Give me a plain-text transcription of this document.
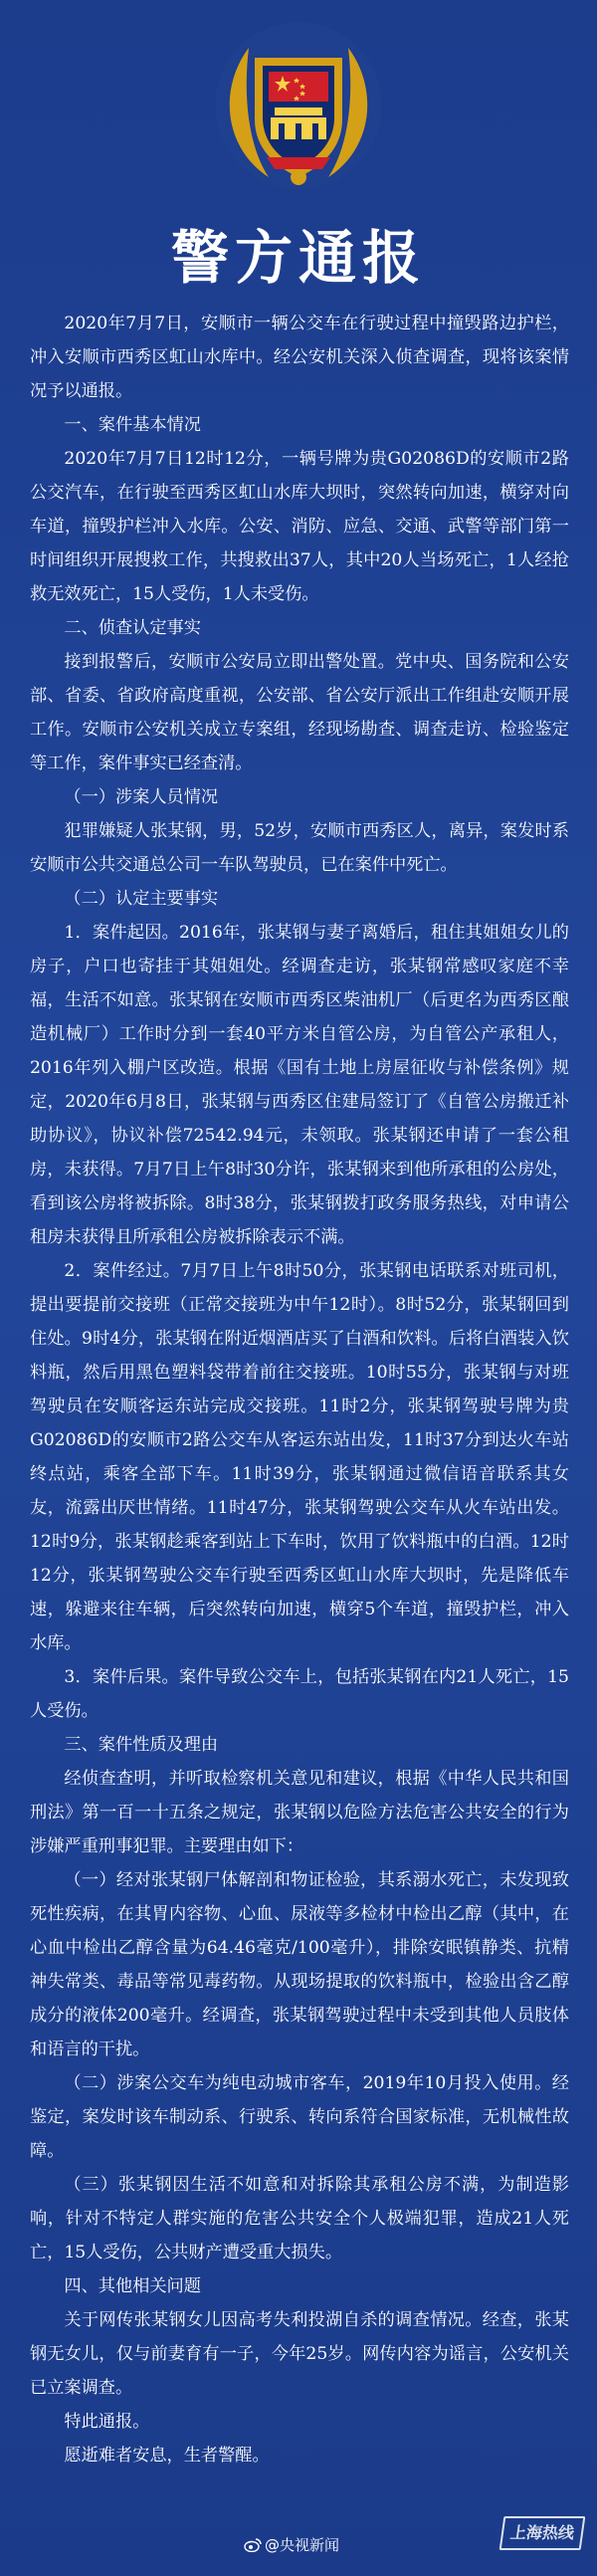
警方通报

2020年7月7日，安顺市一辆公交车在行驶过程中撞毁路边护栏，冲入安顺市西秀区虹山水库中。经公安机关深入侦查调查，现将该案情况予以通报。

一、案件基本情况

2020年7月7日12时12分，一辆号牌为贵G02086D的安顺市2路公交汽车，在行驶至西秀区虹山水库大坝时，突然转向加速，横穿对向车道，撞毁护栏冲入水库。公安、消防、应急、交通、武警等部门第一时间组织开展搜救工作，共搜救出37人，其中20人当场死亡，1人经抢救无效死亡，15人受伤，1人未受伤。

二、侦查认定事实

接到报警后，安顺市公安局立即出警处置。党中央、国务院和公安部、省委、省政府高度重视，公安部、省公安厅派出工作组赴安顺开展工作。安顺市公安机关成立专案组，经现场勘查、调查走访、检验鉴定等工作，案件事实已经查清。

（一）涉案人员情况

犯罪嫌疑人张某钢，男，52岁，安顺市西秀区人，离异，案发时系安顺市公共交通总公司一车队驾驶员，已在案件中死亡。

（二）认定主要事实

1．案件起因。2016年，张某钢与妻子离婚后，租住其姐姐女儿的房子，户口也寄挂于其姐姐处。经调查走访，张某钢常感叹家庭不幸福，生活不如意。张某钢在安顺市西秀区柴油机厂（后更名为西秀区酿造机械厂）工作时分到一套40平方米自管公房，为自管公产承租人，2016年列入棚户区改造。根据《国有土地上房屋征收与补偿条例》规定，2020年6月8日，张某钢与西秀区住建局签订了《自管公房搬迁补助协议》，协议补偿72542.94元，未领取。张某钢还申请了一套公租房，未获得。7月7日上午8时30分许，张某钢来到他所承租的公房处，看到该公房将被拆除。8时38分，张某钢拨打政务服务热线，对申请公租房未获得且所承租公房被拆除表示不满。

2．案件经过。7月7日上午8时50分，张某钢电话联系对班司机，提出要提前交接班（正常交接班为中午12时）。8时52分，张某钢回到住处。9时4分，张某钢在附近烟酒店买了白酒和饮料。后将白酒装入饮料瓶，然后用黑色塑料袋带着前往交接班。10时55分，张某钢与对班驾驶员在安顺客运东站完成交接班。11时2分，张某钢驾驶号牌为贵G02086D的安顺市2路公交车从客运东站出发，11时37分到达火车站终点站，乘客全部下车。11时39分，张某钢通过微信语音联系其女友，流露出厌世情绪。11时47分，张某钢驾驶公交车从火车站出发。12时9分，张某钢趁乘客到站上下车时，饮用了饮料瓶中的白酒。12时12分，张某钢驾驶公交车行驶至西秀区虹山水库大坝时，先是降低车速，躲避来往车辆，后突然转向加速，横穿5个车道，撞毁护栏，冲入水库。

3．案件后果。案件导致公交车上，包括张某钢在内21人死亡，15人受伤。

三、案件性质及理由

经侦查查明，并听取检察机关意见和建议，根据《中华人民共和国刑法》第一百一十五条之规定，张某钢以危险方法危害公共安全的行为涉嫌严重刑事犯罪。主要理由如下：

（一）经对张某钢尸体解剖和物证检验，其系溺水死亡，未发现致死性疾病，在其胃内容物、心血、尿液等多检材中检出乙醇（其中，在心血中检出乙醇含量为64.46毫克/100毫升），排除安眠镇静类、抗精神失常类、毒品等常见毒药物。从现场提取的饮料瓶中，检验出含乙醇成分的液体200毫升。经调查，张某钢驾驶过程中未受到其他人员肢体和语言的干扰。

（二）涉案公交车为纯电动城市客车，2019年10月投入使用。经鉴定，案发时该车制动系、行驶系、转向系符合国家标准，无机械性故障。

（三）张某钢因生活不如意和对拆除其承租公房不满，为制造影响，针对不特定人群实施的危害公共安全个人极端犯罪，造成21人死亡，15人受伤，公共财产遭受重大损失。

四、其他相关问题

关于网传张某钢女儿因高考失利投湖自杀的调查情况。经查，张某钢无女儿，仅与前妻育有一子，今年25岁。网传内容为谣言，公安机关已立案调查。

特此通报。

愿逝难者安息，生者警醒。

@央视新闻
上海热线
